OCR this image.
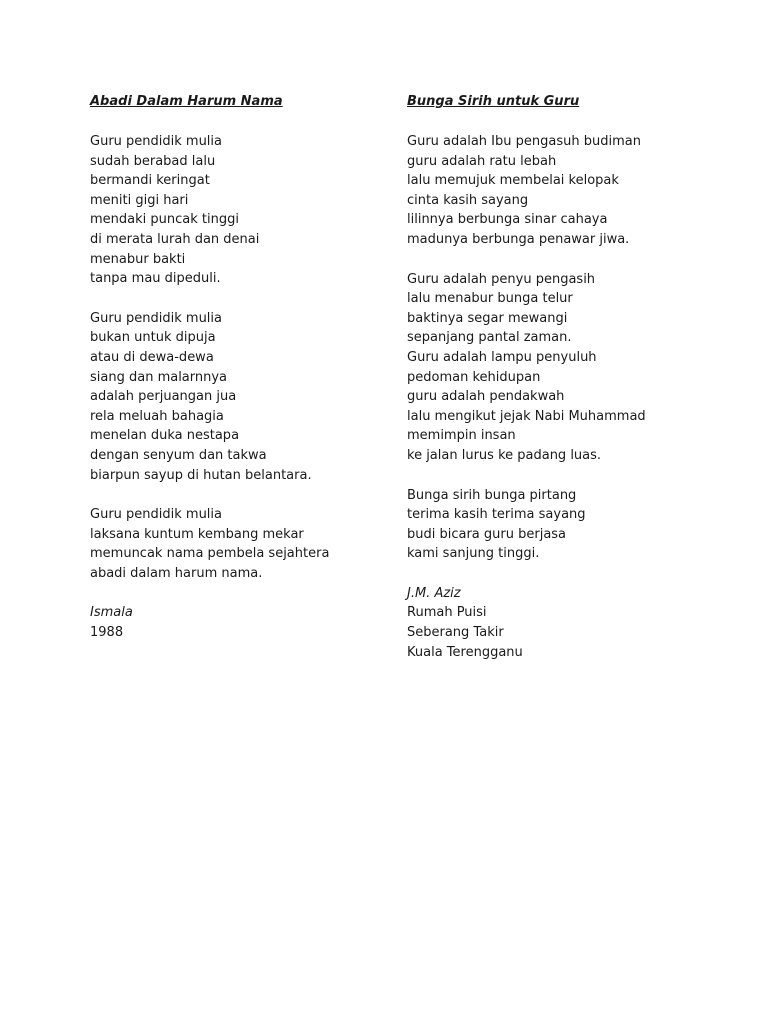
Abadi Dalam Harum Nama
Guru pendidik mulia
sudah berabad lalu
bermandi keringat
meniti gigi hari
mendaki puncak tinggi
di merata lurah dan denai
menabur bakti
tanpa mau dipeduli.
Guru pendidik mulia
bukan untuk dipuja
atau di dewa-dewa
siang dan malarnnya
adalah perjuangan jua
rela meluah bahagia
menelan duka nestapa
dengan senyum dan takwa
biarpun sayup di hutan belantara.
Guru pendidik mulia
laksana kuntum kembang mekar
memuncak nama pembela sejahtera
abadi dalam harum nama.
Ismala
1988
Bunga Sirih untuk Guru
Guru adalah Ibu pengasuh budiman
guru adalah ratu lebah
lalu memujuk membelai kelopak
cinta kasih sayang
lilinnya berbunga sinar cahaya
madunya berbunga penawar jiwa.
Guru adalah penyu pengasih
lalu menabur bunga telur
baktinya segar mewangi
sepanjang pantal zaman.
Guru adalah lampu penyuluh
pedoman kehidupan
guru adalah pendakwah
lalu mengikut jejak Nabi Muhammad
memimpin insan
ke jalan lurus ke padang luas.
Bunga sirih bunga pirtang
terima kasih terima sayang
budi bicara guru berjasa
kami sanjung tinggi.
J.M. Aziz
Rumah Puisi
Seberang Takir
Kuala Terengganu
